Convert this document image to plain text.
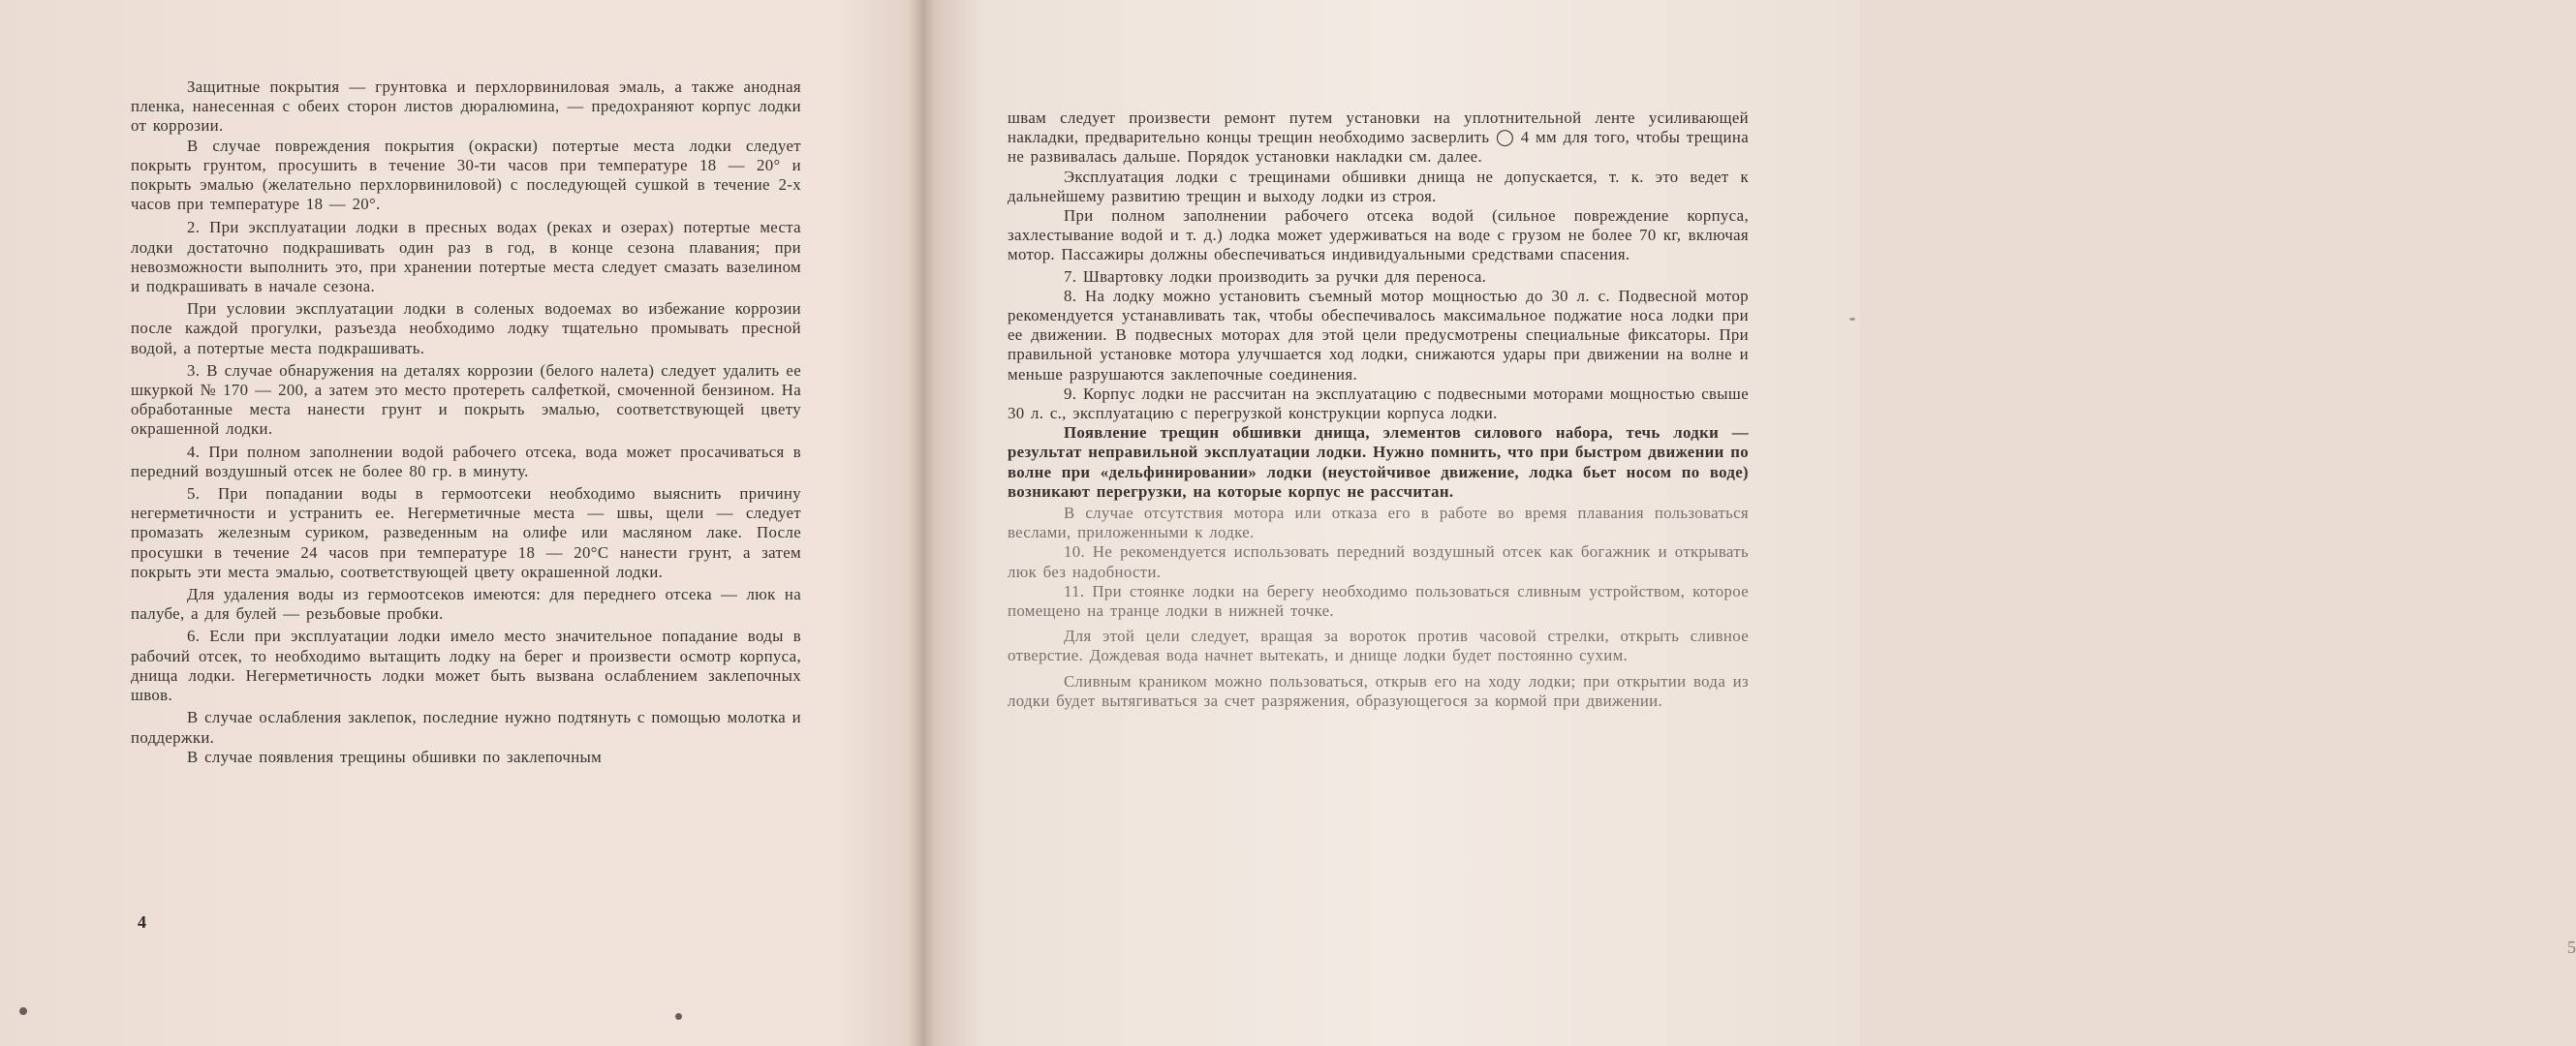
Защитные покрытия — грунтовка и перхлорвиниловая эмаль, а также анодная пленка, нанесенная с обеих сторон листов дюралюмина, — предохраняют корпус лодки от коррозии.

В случае повреждения покрытия (окраски) потертые места лодки следует покрыть грунтом, просушить в течение 30-ти часов при температуре 18 — 20° и покрыть эмалью (желательно перхлорвиниловой) с последующей сушкой в течение 2-х часов при температуре 18 — 20°.

2. При эксплуатации лодки в пресных водах (реках и озерах) потертые места лодки достаточно подкрашивать один раз в год, в конце сезона плавания; при невозможности выполнить это, при хранении потертые места следует смазать вазелином и подкрашивать в начале сезона.

При условии эксплуатации лодки в соленых водоемах во избежание коррозии после каждой прогулки, разъезда необходимо лодку тщательно промывать пресной водой, а потертые места подкрашивать.

3. В случае обнаружения на деталях коррозии (белого налета) следует удалить ее шкуркой № 170 — 200, а затем это место протереть салфеткой, смоченной бензином. На обработанные места нанести грунт и покрыть эмалью, соответствующей цвету окрашенной лодки.

4. При полном заполнении водой рабочего отсека, вода может просачиваться в передний воздушный отсек не более 80 гр. в минуту.

5. При попадании воды в гермоотсеки необходимо выяснить причину негерметичности и устранить ее. Негерметичные места — швы, щели — следует промазать железным суриком, разведенным на олифе или масляном лаке. После просушки в течение 24 часов при температуре 18 — 20°C нанести грунт, а затем покрыть эти места эмалью, соответствующей цвету окрашенной лодки.

Для удаления воды из гермоотсеков имеются: для переднего отсека — люк на палубе, а для булей — резьбовые пробки.

6. Если при эксплуатации лодки имело место значительное попадание воды в рабочий отсек, то необходимо вытащить лодку на берег и произвести осмотр корпуса, днища лодки. Негерметичность лодки может быть вызвана ослаблением заклепочных швов.

В случае ослабления заклепок, последние нужно подтянуть с помощью молотка и поддержки.

В случае появления трещины обшивки по заклепочным

4

швам следует произвести ремонт путем установки на уплотнительной ленте усиливающей накладки, предварительно концы трещин необходимо засверлить ◯ 4 мм для того, чтобы трещина не развивалась дальше. Порядок установки накладки см. далее.

Эксплуатация лодки с трещинами обшивки днища не допускается, т. к. это ведет к дальнейшему развитию трещин и выходу лодки из строя.

При полном заполнении рабочего отсека водой (сильное повреждение корпуса, захлестывание водой и т. д.) лодка может удерживаться на воде с грузом не более 70 кг, включая мотор. Пассажиры должны обеспечиваться индивидуальными средствами спасения.

7. Швартовку лодки производить за ручки для переноса.

8. На лодку можно установить съемный мотор мощностью до 30 л. с. Подвесной мотор рекомендуется устанавливать так, чтобы обеспечивалось максимальное поджатие носа лодки при ее движении. В подвесных моторах для этой цели предусмотрены специальные фиксаторы. При правильной установке мотора улучшается ход лодки, снижаются удары при движении на волне и меньше разрушаются заклепочные соединения.

9. Корпус лодки не рассчитан на эксплуатацию с подвесными моторами мощностью свыше 30 л. с., эксплуатацию с перегрузкой конструкции корпуса лодки.

Появление трещин обшивки днища, элементов силового набора, течь лодки — результат неправильной эксплуатации лодки. Нужно помнить, что при быстром движении по волне при «дельфинировании» лодки (неустойчивое движение, лодка бьет носом по воде) возникают перегрузки, на которые корпус не рассчитан.

В случае отсутствия мотора или отказа его в работе во время плавания пользоваться веслами, приложенными к лодке.

10. Не рекомендуется использовать передний воздушный отсек как богажник и открывать люк без надобности.

11. При стоянке лодки на берегу необходимо пользоваться сливным устройством, которое помещено на транце лодки в нижней точке.

Для этой цели следует, вращая за вороток против часовой стрелки, открыть сливное отверстие. Дождевая вода начнет вытекать, и днище лодки будет постоянно сухим.

Сливным краником можно пользоваться, открыв его на ходу лодки; при открытии вода из лодки будет вытягиваться за счет разряжения, образующегося за кормой при движении.

5
